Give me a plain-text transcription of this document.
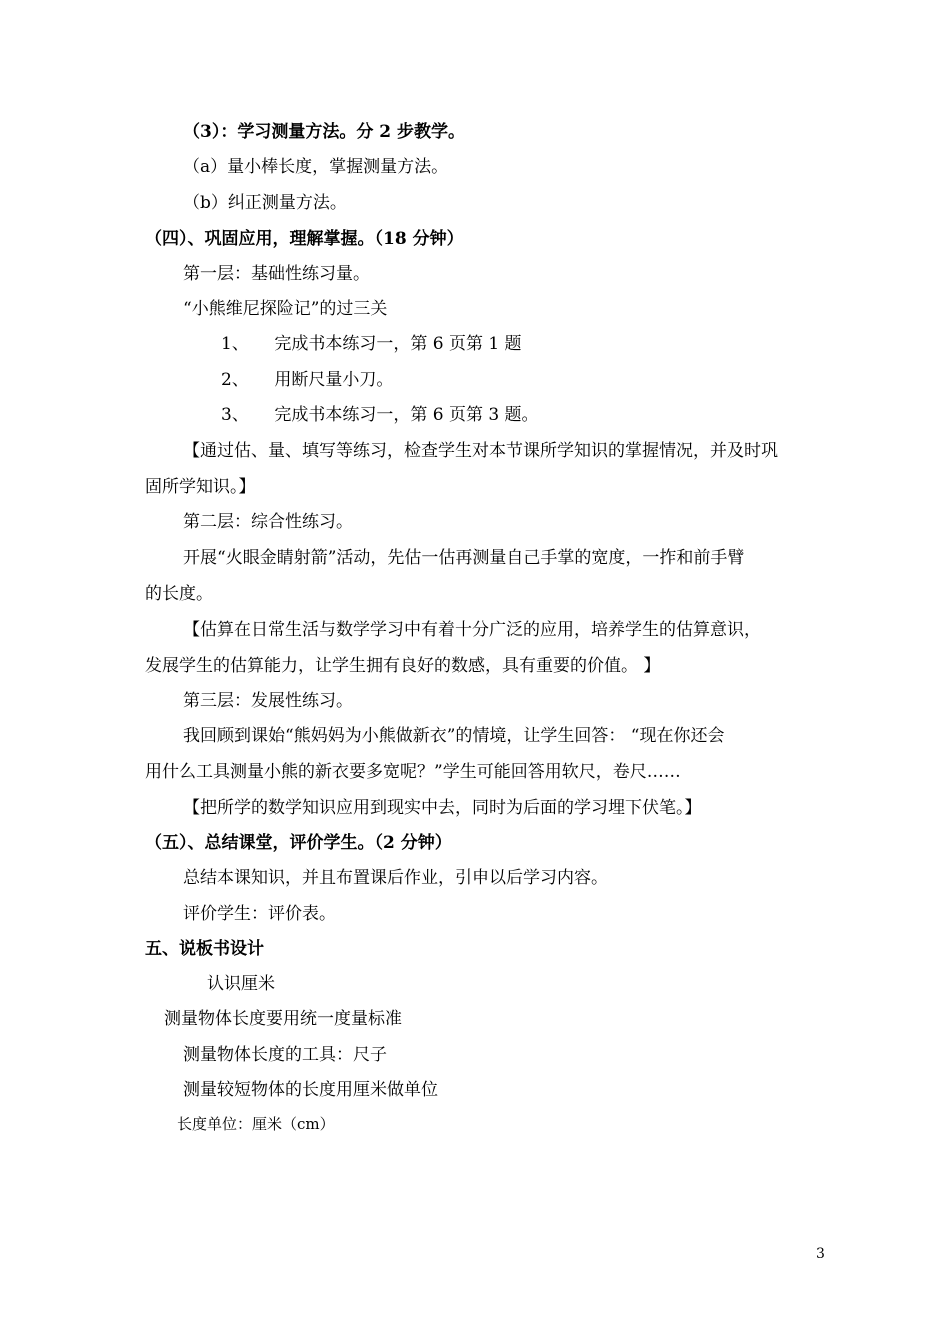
（3）：学习测量方法。分 2 步教学。
（a）量小棒长度，掌握测量方法。
（b）纠正测量方法。
（四）、巩固应用，理解掌握。（18 分钟）
第一层：基础性练习量。
“小熊维尼探险记”的过三关
1、　　完成书本练习一，第 6 页第 1 题
2、　　用断尺量小刀。
3、　　完成书本练习一，第 6 页第 3 题。
【通过估、量、填写等练习，检查学生对本节课所学知识的掌握情况，并及时巩
固所学知识。】
第二层：综合性练习。
开展“火眼金睛射箭”活动，先估一估再测量自己手掌的宽度，一拃和前手臂
的长度。
【估算在日常生活与数学学习中有着十分广泛的应用，培养学生的估算意识，
发展学生的估算能力，让学生拥有良好的数感，具有重要的价值。 】
第三层：发展性练习。
我回顾到课始“熊妈妈为小熊做新衣”的情境，让学生回答： “现在你还会
用什么工具测量小熊的新衣要多宽呢？”学生可能回答用软尺，卷尺……
【把所学的数学知识应用到现实中去，同时为后面的学习埋下伏笔。】
（五）、总结课堂，评价学生。（2 分钟）
总结本课知识，并且布置课后作业，引申以后学习内容。
评价学生：评价表。
五、说板书设计
认识厘米
测量物体长度要用统一度量标准
测量物体长度的工具：尺子
测量较短物体的长度用厘米做单位
长度单位：厘米（cm）
3
